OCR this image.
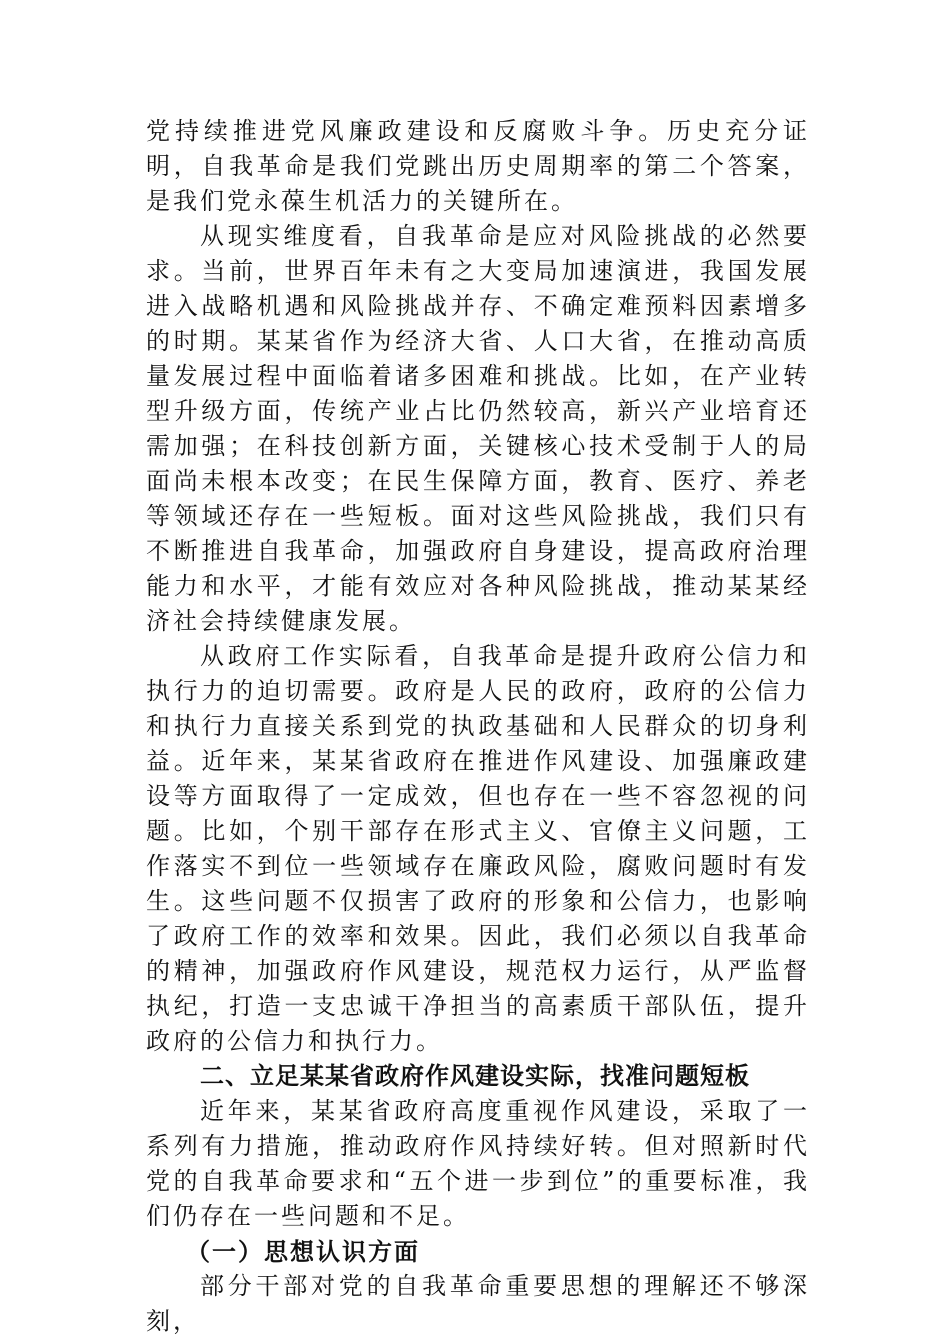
党持续推进党风廉政建设和反腐败斗争。历史充分证明，自我革命是我们党跳出历史周期率的第二个答案，是我们党永葆生机活力的关键所在。

从现实维度看，自我革命是应对风险挑战的必然要求。当前，世界百年未有之大变局加速演进，我国发展进入战略机遇和风险挑战并存、不确定难预料因素增多的时期。某某省作为经济大省、人口大省，在推动高质量发展过程中面临着诸多困难和挑战。比如，在产业转型升级方面，传统产业占比仍然较高，新兴产业培育还需加强；在科技创新方面，关键核心技术受制于人的局面尚未根本改变；在民生保障方面，教育、医疗、养老等领域还存在一些短板。面对这些风险挑战，我们只有不断推进自我革命，加强政府自身建设，提高政府治理能力和水平，才能有效应对各种风险挑战，推动某某经济社会持续健康发展。

从政府工作实际看，自我革命是提升政府公信力和执行力的迫切需要。政府是人民的政府，政府的公信力和执行力直接关系到党的执政基础和人民群众的切身利益。近年来，某某省政府在推进作风建设、加强廉政建设等方面取得了一定成效，但也存在一些不容忽视的问题。比如，个别干部存在形式主义、官僚主义问题，工作落实不到位一些领域存在廉政风险，腐败问题时有发生。这些问题不仅损害了政府的形象和公信力，也影响了政府工作的效率和效果。因此，我们必须以自我革命的精神，加强政府作风建设，规范权力运行，从严监督执纪，打造一支忠诚干净担当的高素质干部队伍，提升政府的公信力和执行力。

二、立足某某省政府作风建设实际，找准问题短板

近年来，某某省政府高度重视作风建设，采取了一系列有力措施，推动政府作风持续好转。但对照新时代党的自我革命要求和“五个进一步到位”的重要标准，我们仍存在一些问题和不足。

（一）思想认识方面

部分干部对党的自我革命重要思想的理解还不够深刻，
